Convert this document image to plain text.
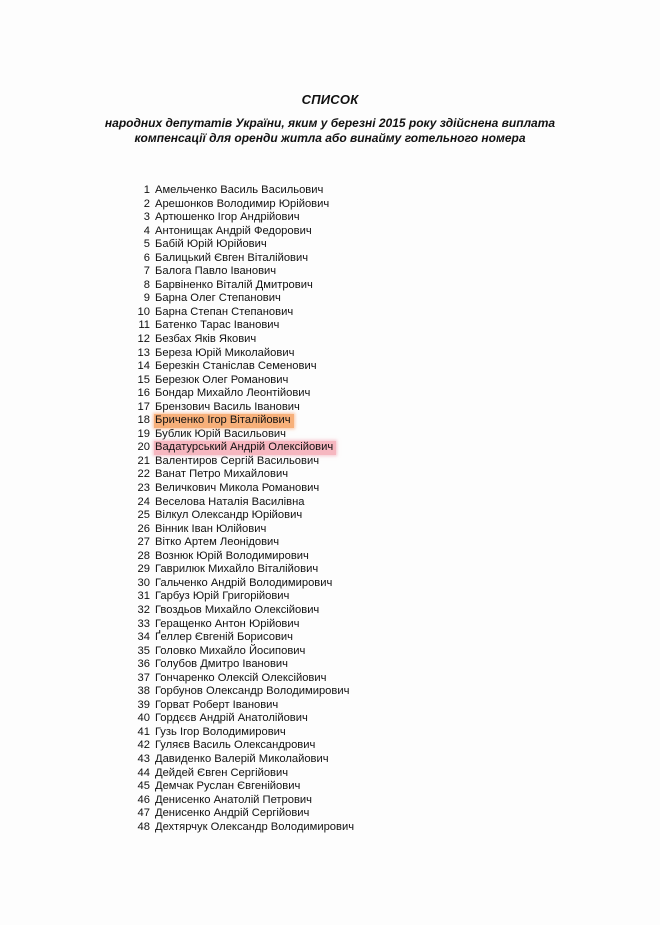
СПИСОК
народних депутатів України, яким у березні 2015 року здійснена виплата
компенсації для оренди житла або винайму готельного номера
1 Амельченко Василь Васильович
2 Арешонков Володимир Юрійович
3 Артюшенко Ігор Андрійович
4 Антонищак Андрій Федорович
5 Бабій Юрій Юрійович
6 Балицький Євген Віталійович
7 Балога Павло Іванович
8 Барвіненко Віталій Дмитрович
9 Барна Олег Степанович
10 Барна Степан Степанович
11 Батенко Тарас Іванович
12 Безбах Яків Якович
13 Береза Юрій Миколайович
14 Березкін Станіслав Семенович
15 Березюк Олег Романович
16 Бондар Михайло Леонтійович
17 Брензович Василь Іванович
18 Бриченко Ігор Віталійович
19 Бублик Юрій Васильович
20 Вадатурський Андрій Олексійович
21 Валентиров Сергій Васильович
22 Ванат Петро Михайлович
23 Величкович Микола Романович
24 Веселова Наталія Василівна
25 Вілкул Олександр Юрійович
26 Вінник Іван Юлійович
27 Вітко Артем Леонідович
28 Вознюк Юрій Володимирович
29 Гаврилюк Михайло Віталійович
30 Гальченко Андрій Володимирович
31 Гарбуз Юрій Григорійович
32 Гвоздьов Михайло Олексійович
33 Геращенко Антон Юрійович
34 Ґеллер Євгеній Борисович
35 Головко Михайло Йосипович
36 Голубов Дмитро Іванович
37 Гончаренко Олексій Олексійович
38 Горбунов Олександр Володимирович
39 Горват Роберт Іванович
40 Гордєєв Андрій Анатолійович
41 Гузь Ігор Володимирович
42 Гуляєв Василь Олександрович
43 Давиденко Валерій Миколайович
44 Дейдей Євген Сергійович
45 Демчак Руслан Євгенійович
46 Денисенко Анатолій Петрович
47 Денисенко Андрій Сергійович
48 Дехтярчук Олександр Володимирович
